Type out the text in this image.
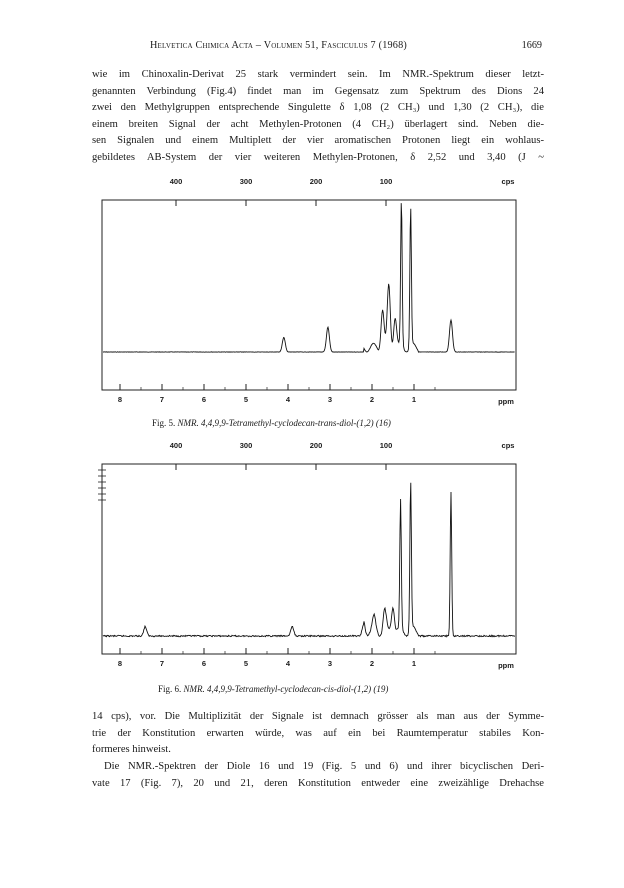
Helvetica Chimica Acta – Volumen 51, Fasciculus 7 (1968)	1669
wie im Chinoxalin-Derivat 25 stark vermindert sein. Im NMR.-Spektrum dieser letzt-
genannten Verbindung (Fig.4) findet man im Gegensatz zum Spektrum des Dions 24
zwei den Methylgruppen entsprechende Singulette δ 1,08 (2 CH₃) und 1,30 (2 CH₃), die
einem breiten Signal der acht Methylen-Protonen (4 CH₂) überlagert sind. Neben die-
sen Signalen und einem Multiplett der vier aromatischen Protonen liegt ein wohlaus-
gebildetes AB-System der vier weiteren Methylen-Protonen, δ 2,52 und 3,40 (J ~
400	300	200	100	cps
8	7	6	5	4	3	2	1	ppm
Fig. 5. NMR. 4,4,9,9-Tetramethyl-cyclodecan-trans-diol-(1,2) (16)
400	300	200	100	cps
8	7	6	5	4	3	2	1	ppm
Fig. 6. NMR. 4,4,9,9-Tetramethyl-cyclodecan-cis-diol-(1,2) (19)
14 cps), vor. Die Multiplizität der Signale ist demnach grösser als man aus der Symme-
trie der Konstitution erwarten würde, was auf ein bei Raumtemperatur stabiles Kon-
formeres hinweist.
Die NMR.-Spektren der Diole 16 und 19 (Fig. 5 und 6) und ihrer bicyclischen Deri-
vate 17 (Fig. 7), 20 und 21, deren Konstitution entweder eine zweizählige Drehachse
